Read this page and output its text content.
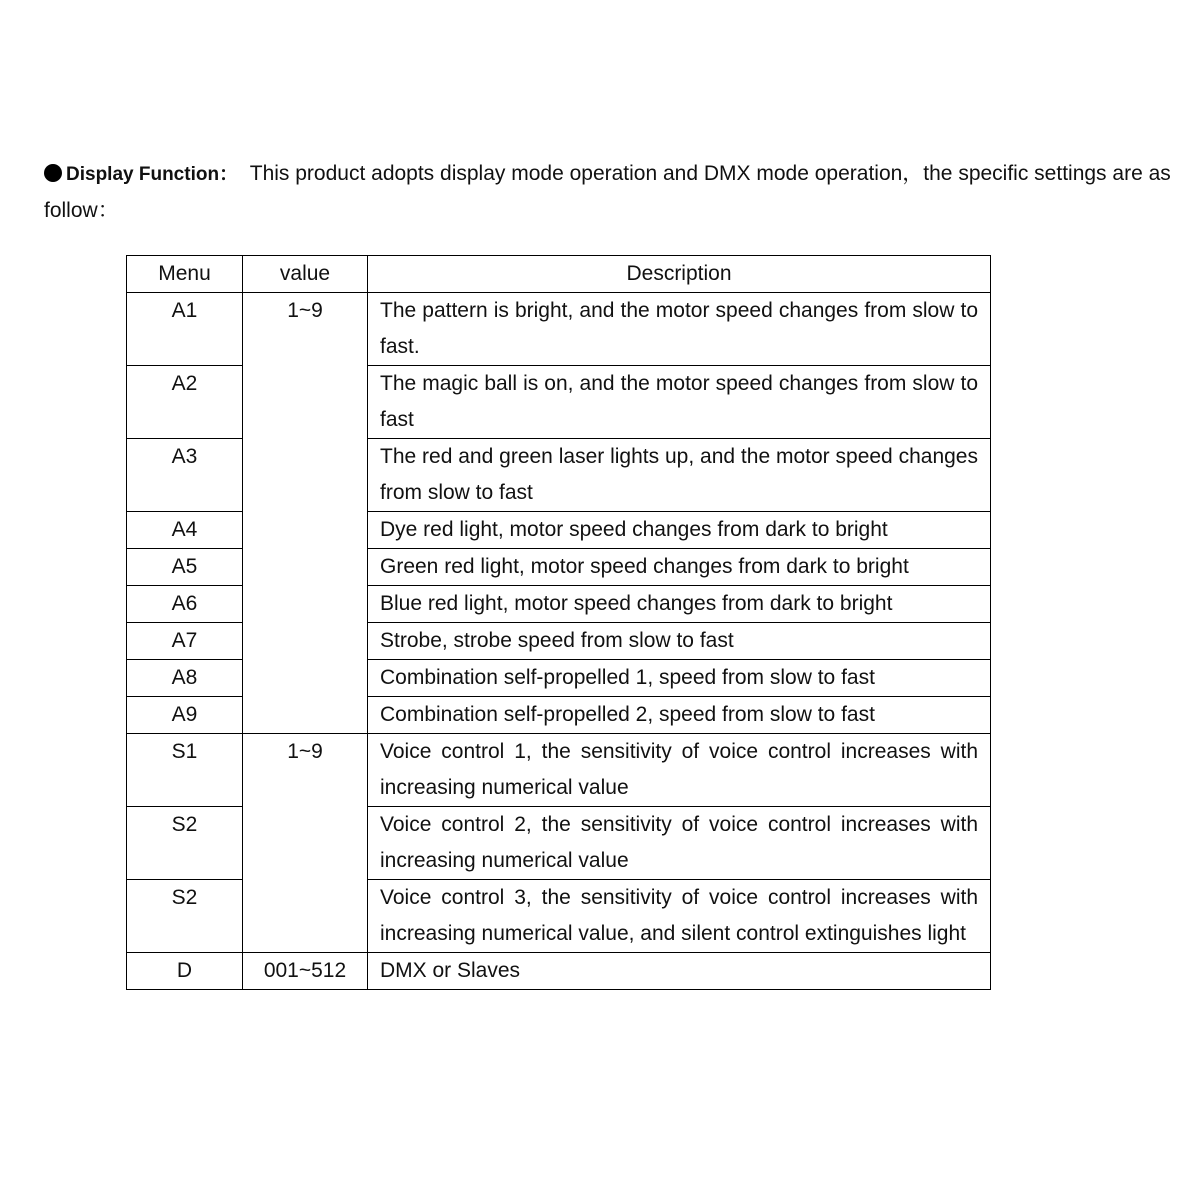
Display Function： This product adopts display mode operation and DMX mode operation，the specific settings are as follow：

Menu	value	Description
A1	1~9	The pattern is bright, and the motor speed changes from slow to fast.
A2		The magic ball is on, and the motor speed changes from slow to fast
A3		The red and green laser lights up, and the motor speed changes from slow to fast
A4		Dye red light, motor speed changes from dark to bright
A5		Green red light, motor speed changes from dark to bright
A6		Blue red light, motor speed changes from dark to bright
A7		Strobe, strobe speed from slow to fast
A8		Combination self-propelled 1, speed from slow to fast
A9		Combination self-propelled 2, speed from slow to fast
S1	1~9	Voice control 1, the sensitivity of voice control increases with increasing numerical value
S2		Voice control 2, the sensitivity of voice control increases with increasing numerical value
S2		Voice control 3, the sensitivity of voice control increases with increasing numerical value, and silent control extinguishes light
D	001~512	DMX or Slaves
